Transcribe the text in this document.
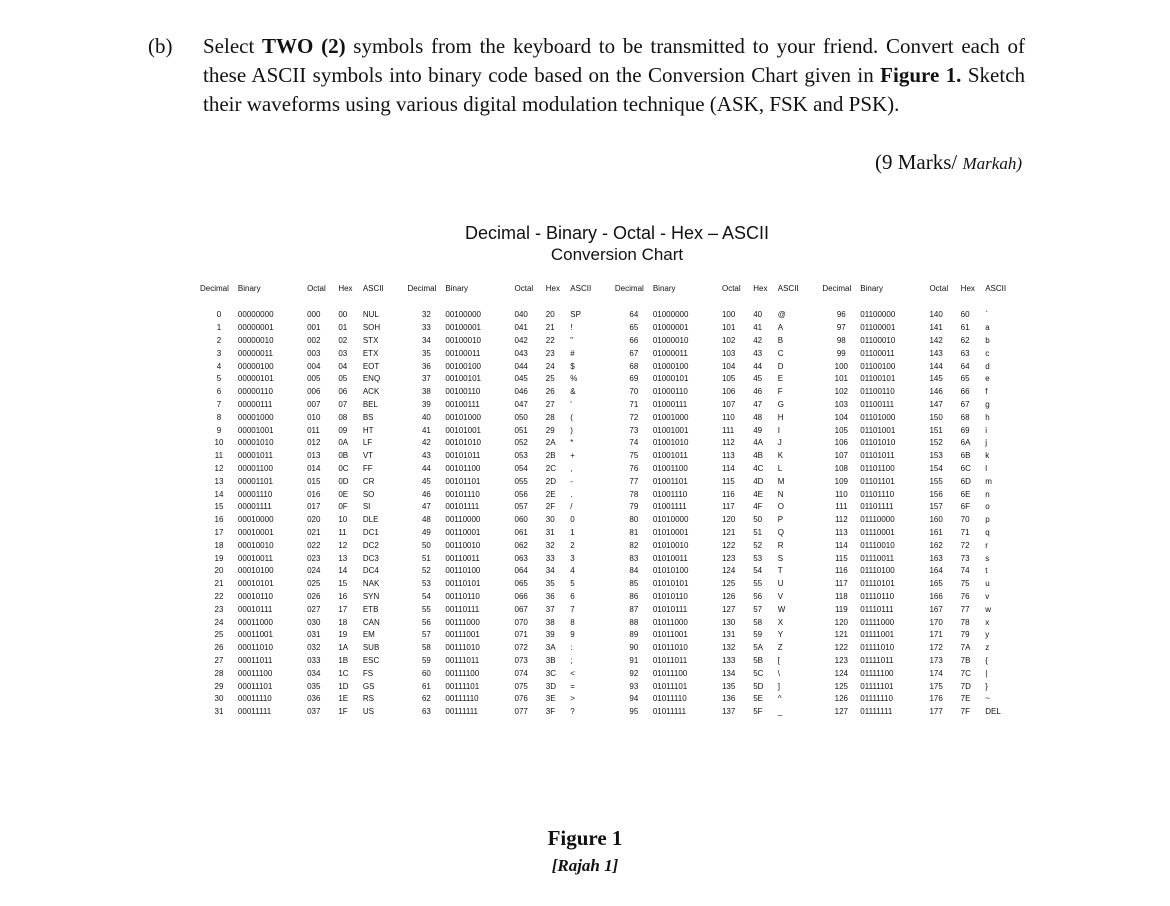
(b) Select TWO (2) symbols from the keyboard to be transmitted to your friend. Convert each of these ASCII symbols into binary code based on the Conversion Chart given in Figure 1. Sketch their waveforms using various digital modulation technique (ASK, FSK and PSK).
(9 Marks/ Markah)
Decimal - Binary - Octal - Hex – ASCII
Conversion Chart
Decimal	Binary	Octal	Hex	ASCII	Decimal	Binary	Octal	Hex	ASCII	Decimal	Binary	Octal	Hex	ASCII	Decimal	Binary	Octal	Hex	ASCII

0	00000000	000	00	NUL	32	00100000	040	20	SP	64	01000000	100	40	@	96	01100000	140	60	`
1	00000001	001	01	SOH	33	00100001	041	21	!	65	01000001	101	41	A	97	01100001	141	61	a
2	00000010	002	02	STX	34	00100010	042	22	"	66	01000010	102	42	B	98	01100010	142	62	b
3	00000011	003	03	ETX	35	00100011	043	23	#	67	01000011	103	43	C	99	01100011	143	63	c
4	00000100	004	04	EOT	36	00100100	044	24	$	68	01000100	104	44	D	100	01100100	144	64	d
5	00000101	005	05	ENQ	37	00100101	045	25	%	69	01000101	105	45	E	101	01100101	145	65	e
6	00000110	006	06	ACK	38	00100110	046	26	&	70	01000110	106	46	F	102	01100110	146	66	f
7	00000111	007	07	BEL	39	00100111	047	27	'	71	01000111	107	47	G	103	01100111	147	67	g
8	00001000	010	08	BS	40	00101000	050	28	(	72	01001000	110	48	H	104	01101000	150	68	h
9	00001001	011	09	HT	41	00101001	051	29	)	73	01001001	111	49	I	105	01101001	151	69	i
10	00001010	012	0A	LF	42	00101010	052	2A	*	74	01001010	112	4A	J	106	01101010	152	6A	j
11	00001011	013	0B	VT	43	00101011	053	2B	+	75	01001011	113	4B	K	107	01101011	153	6B	k
12	00001100	014	0C	FF	44	00101100	054	2C	,	76	01001100	114	4C	L	108	01101100	154	6C	l
13	00001101	015	0D	CR	45	00101101	055	2D	-	77	01001101	115	4D	M	109	01101101	155	6D	m
14	00001110	016	0E	SO	46	00101110	056	2E	.	78	01001110	116	4E	N	110	01101110	156	6E	n
15	00001111	017	0F	SI	47	00101111	057	2F	/	79	01001111	117	4F	O	111	01101111	157	6F	o
16	00010000	020	10	DLE	48	00110000	060	30	0	80	01010000	120	50	P	112	01110000	160	70	p
17	00010001	021	11	DC1	49	00110001	061	31	1	81	01010001	121	51	Q	113	01110001	161	71	q
18	00010010	022	12	DC2	50	00110010	062	32	2	82	01010010	122	52	R	114	01110010	162	72	r
19	00010011	023	13	DC3	51	00110011	063	33	3	83	01010011	123	53	S	115	01110011	163	73	s
20	00010100	024	14	DC4	52	00110100	064	34	4	84	01010100	124	54	T	116	01110100	164	74	t
21	00010101	025	15	NAK	53	00110101	065	35	5	85	01010101	125	55	U	117	01110101	165	75	u
22	00010110	026	16	SYN	54	00110110	066	36	6	86	01010110	126	56	V	118	01110110	166	76	v
23	00010111	027	17	ETB	55	00110111	067	37	7	87	01010111	127	57	W	119	01110111	167	77	w
24	00011000	030	18	CAN	56	00111000	070	38	8	88	01011000	130	58	X	120	01111000	170	78	x
25	00011001	031	19	EM	57	00111001	071	39	9	89	01011001	131	59	Y	121	01111001	171	79	y
26	00011010	032	1A	SUB	58	00111010	072	3A	:	90	01011010	132	5A	Z	122	01111010	172	7A	z
27	00011011	033	1B	ESC	59	00111011	073	3B	;	91	01011011	133	5B	[	123	01111011	173	7B	{
28	00011100	034	1C	FS	60	00111100	074	3C	<	92	01011100	134	5C	\	124	01111100	174	7C	|
29	00011101	035	1D	GS	61	00111101	075	3D	=	93	01011101	135	5D	]	125	01111101	175	7D	}
30	00011110	036	1E	RS	62	00111110	076	3E	>	94	01011110	136	5E	^	126	01111110	176	7E	~
31	00011111	037	1F	US	63	00111111	077	3F	?	95	01011111	137	5F	_	127	01111111	177	7F	DEL
Figure 1
[Rajah 1]
